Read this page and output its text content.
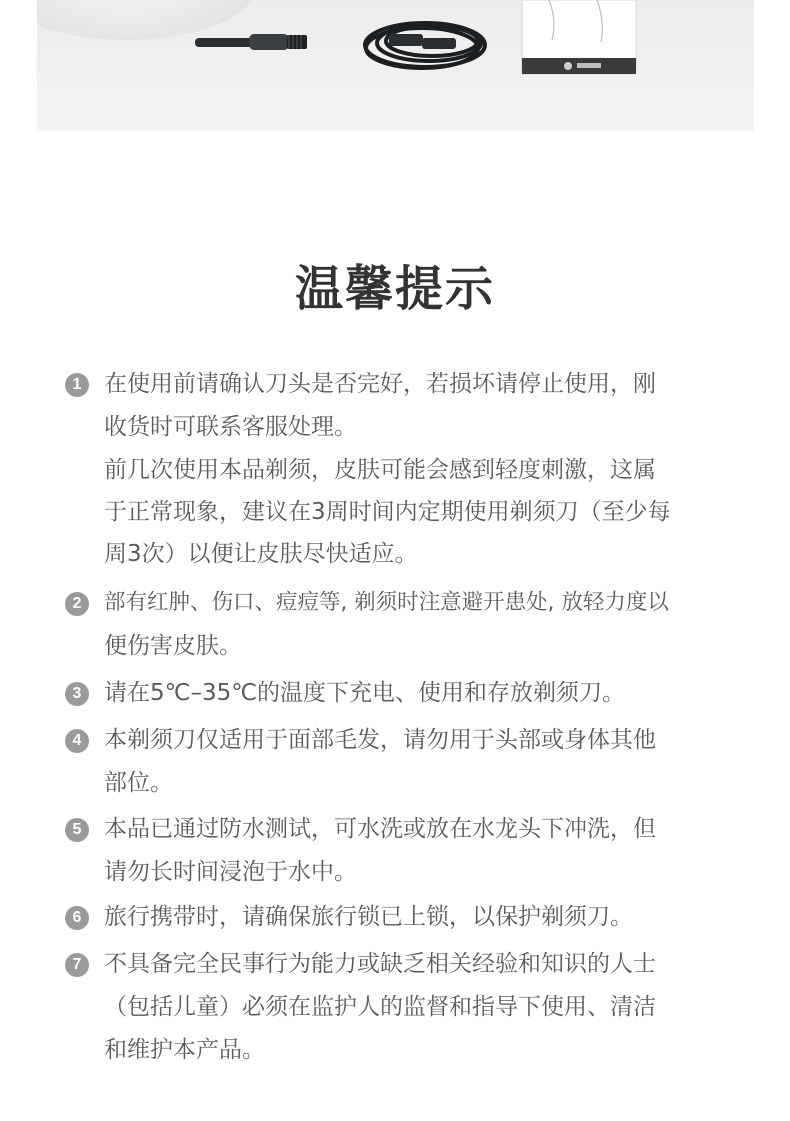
温馨提示
1 在使用前请确认刀头是否完好，若损坏请停止使用，刚
收货时可联系客服处理。
前几次使用本品剃须，皮肤可能会感到轻度刺激，这属
于正常现象，建议在3周时间内定期使用剃须刀（至少每
周3次）以便让皮肤尽快适应。
2	部有红肿、伤口、痘痘等, 剃须时注意避开患处, 放轻力度以
便伤害皮肤。
3 请在5℃–35℃的温度下充电、使用和存放剃须刀。
4 本剃须刀仅适用于面部毛发，请勿用于头部或身体其他
部位。
5 本品已通过防水测试，可水洗或放在水龙头下冲洗，但
请勿长时间浸泡于水中。
6 旅行携带时，请确保旅行锁已上锁，以保护剃须刀。
7 不具备完全民事行为能力或缺乏相关经验和知识的人士
（包括儿童）必须在监护人的监督和指导下使用、清洁
和维护本产品。
